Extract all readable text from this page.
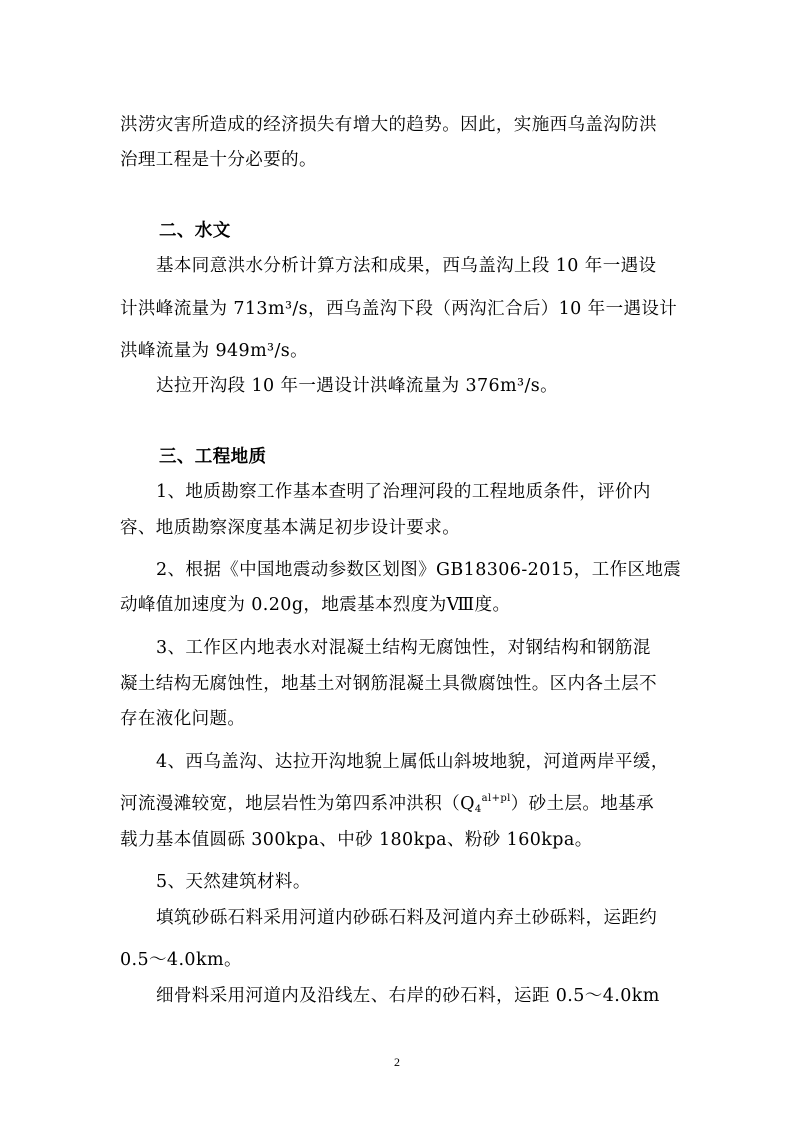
洪涝灾害所造成的经济损失有增大的趋势。因此，实施西乌盖沟防洪
治理工程是十分必要的。
二、水文
基本同意洪水分析计算方法和成果，西乌盖沟上段 10 年一遇设
计洪峰流量为 713m³/s，西乌盖沟下段（两沟汇合后）10 年一遇设计
洪峰流量为 949m³/s。
达拉开沟段 10 年一遇设计洪峰流量为 376m³/s。
三、工程地质
1、地质勘察工作基本查明了治理河段的工程地质条件，评价内
容、地质勘察深度基本满足初步设计要求。
2、根据《中国地震动参数区划图》GB18306-2015，工作区地震
动峰值加速度为 0.20g，地震基本烈度为Ⅷ度。
3、工作区内地表水对混凝土结构无腐蚀性，对钢结构和钢筋混
凝土结构无腐蚀性，地基土对钢筋混凝土具微腐蚀性。区内各土层不
存在液化问题。
4、西乌盖沟、达拉开沟地貌上属低山斜坡地貌，河道两岸平缓，
河流漫滩较宽，地层岩性为第四系冲洪积$(Q_4^{al+pl})$砂土层。地基承
载力基本值圆砾 300kpa、中砂 180kpa、粉砂 160kpa。
5、天然建筑材料。
填筑砂砾石料采用河道内砂砾石料及河道内弃土砂砾料，运距约
0.5～4.0km。
细骨料采用河道内及沿线左、右岸的砂石料，运距 0.5～4.0km
2
